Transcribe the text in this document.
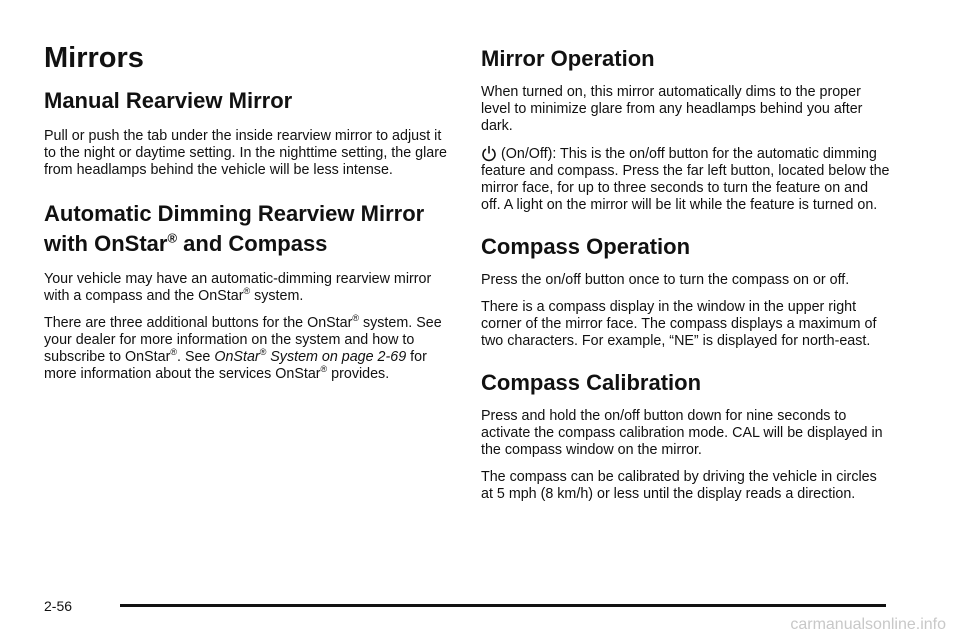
Mirrors
Manual Rearview Mirror

Pull or push the tab under the inside rearview mirror to adjust it to the night or daytime setting. In the nighttime setting, the glare from headlamps behind the vehicle will be less intense.

Automatic Dimming Rearview Mirror with OnStar® and Compass

Your vehicle may have an automatic-dimming rearview mirror with a compass and the OnStar® system.

There are three additional buttons for the OnStar® system. See your dealer for more information on the system and how to subscribe to OnStar®. See OnStar® System on page 2-69 for more information about the services OnStar® provides.

Mirror Operation

When turned on, this mirror automatically dims to the proper level to minimize glare from any headlamps behind you after dark.

(On/Off): This is the on/off button for the automatic dimming feature and compass. Press the far left button, located below the mirror face, for up to three seconds to turn the feature on and off. A light on the mirror will be lit while the feature is turned on.

Compass Operation

Press the on/off button once to turn the compass on or off.

There is a compass display in the window in the upper right corner of the mirror face. The compass displays a maximum of two characters. For example, “NE” is displayed for north-east.

Compass Calibration

Press and hold the on/off button down for nine seconds to activate the compass calibration mode. CAL will be displayed in the compass window on the mirror.

The compass can be calibrated by driving the vehicle in circles at 5 mph (8 km/h) or less until the display reads a direction.

2-56
carmanualsonline.info
